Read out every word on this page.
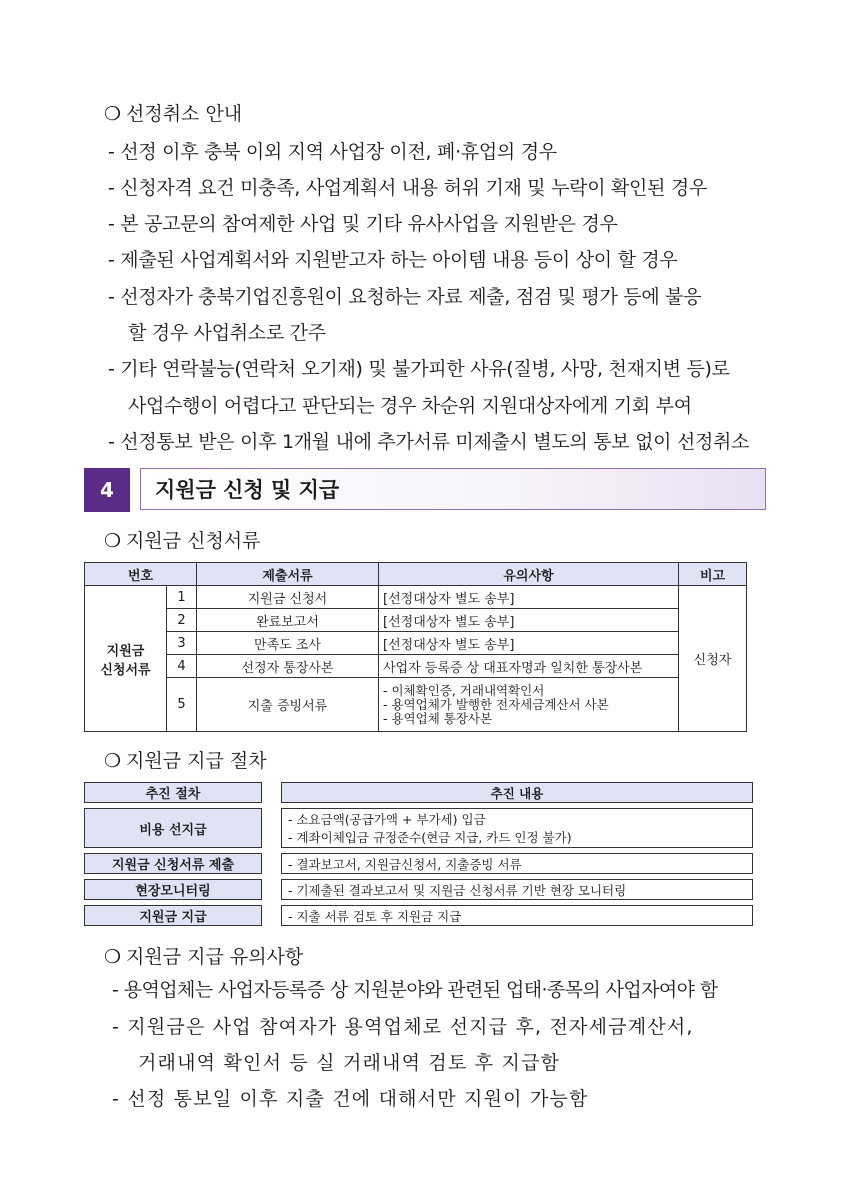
❍ 선정취소 안내
- 선정 이후 충북 이외 지역 사업장 이전, 폐·휴업의 경우
- 신청자격 요건 미충족, 사업계획서 내용 허위 기재 및 누락이 확인된 경우
- 본 공고문의 참여제한 사업 및 기타 유사사업을 지원받은 경우
- 제출된 사업계획서와 지원받고자 하는 아이템 내용 등이 상이 할 경우
- 선정자가 충북기업진흥원이 요청하는 자료 제출, 점검 및 평가 등에 불응
할 경우 사업취소로 간주
- 기타 연락불능(연락처 오기재) 및 불가피한 사유(질병, 사망, 천재지변 등)로
사업수행이 어렵다고 판단되는 경우 차순위 지원대상자에게 기회 부여
- 선정통보 받은 이후 1개월 내에 추가서류 미제출시 별도의 통보 없이 선정취소
4	지원금 신청 및 지급
❍ 지원금 신청서류
번호		제출서류	유의사항	비고

지원금
신청서류	1	지원금 신청서	[선정대상자 별도 송부]	신청자
	2	완료보고서	[선정대상자 별도 송부]	
	3	만족도 조사	[선정대상자 별도 송부]	
	4	선정자 통장사본	사업자 등록증 상 대표자명과 일치한 통장사본	
	5	지출 증빙서류	- 이체확인증, 거래내역확인서
- 용역업체가 발행한 전자세금계산서 사본
- 용역업체 통장사본	
❍ 지원금 지급 절차
추진 절차	추진 내용
비용 선지급
- 소요금액(공급가액 + 부가세) 입금
- 계좌이체입금 규정준수(현금 지급, 카드 인정 불가)
지원금 신청서류 제출	- 결과보고서, 지원금신청서, 지출증빙 서류
현장모니터링	- 기제출된 결과보고서 및 지원금 신청서류 기반 현장 모니터링
지원금 지급	- 지출 서류 검토 후 지원금 지급
❍ 지원금 지급 유의사항
- 용역업체는 사업자등록증 상 지원분야와 관련된 업태·종목의 사업자여야 함
- 지원금은 사업 참여자가 용역업체로 선지급 후, 전자세금계산서,
거래내역 확인서 등 실 거래내역 검토 후 지급함
- 선정 통보일 이후 지출 건에 대해서만 지원이 가능함
